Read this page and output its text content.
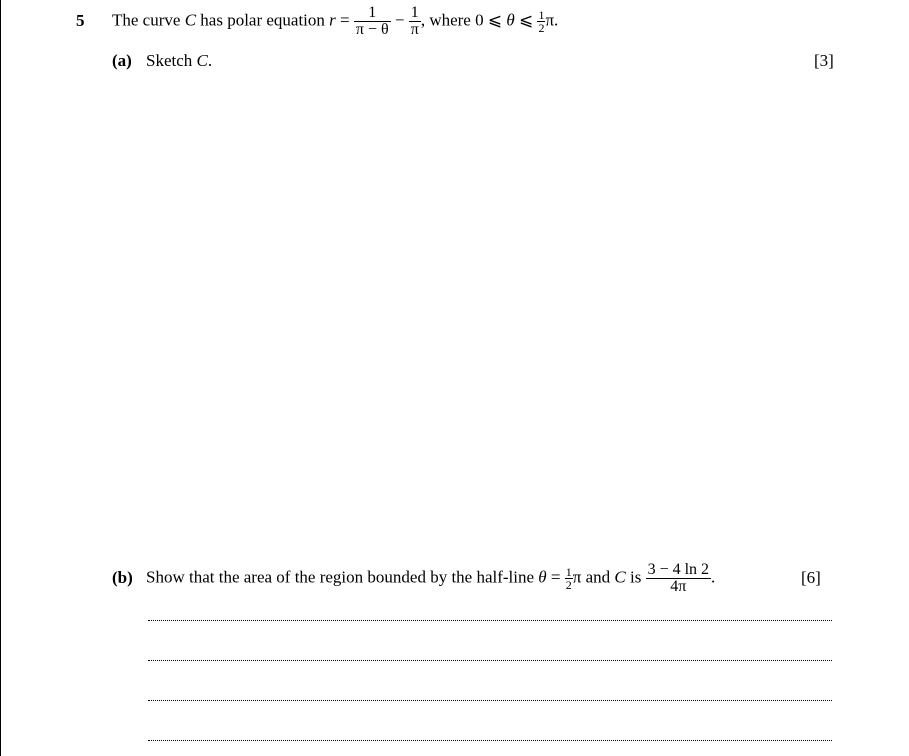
5 The curve C has polar equation $r = \frac{1}{\pi - \theta} - \frac{1}{\pi}$ , where 0 ⩽ θ ⩽ $\frac{1}{2} \pi$.
(a) Sketch C.	[3]
(b) Show that the area of the region bounded by the half-line $\theta = \frac{1}{2}$ π and C is $\frac{3 - 4 \ln 2}{4\pi}$ .	[6]
